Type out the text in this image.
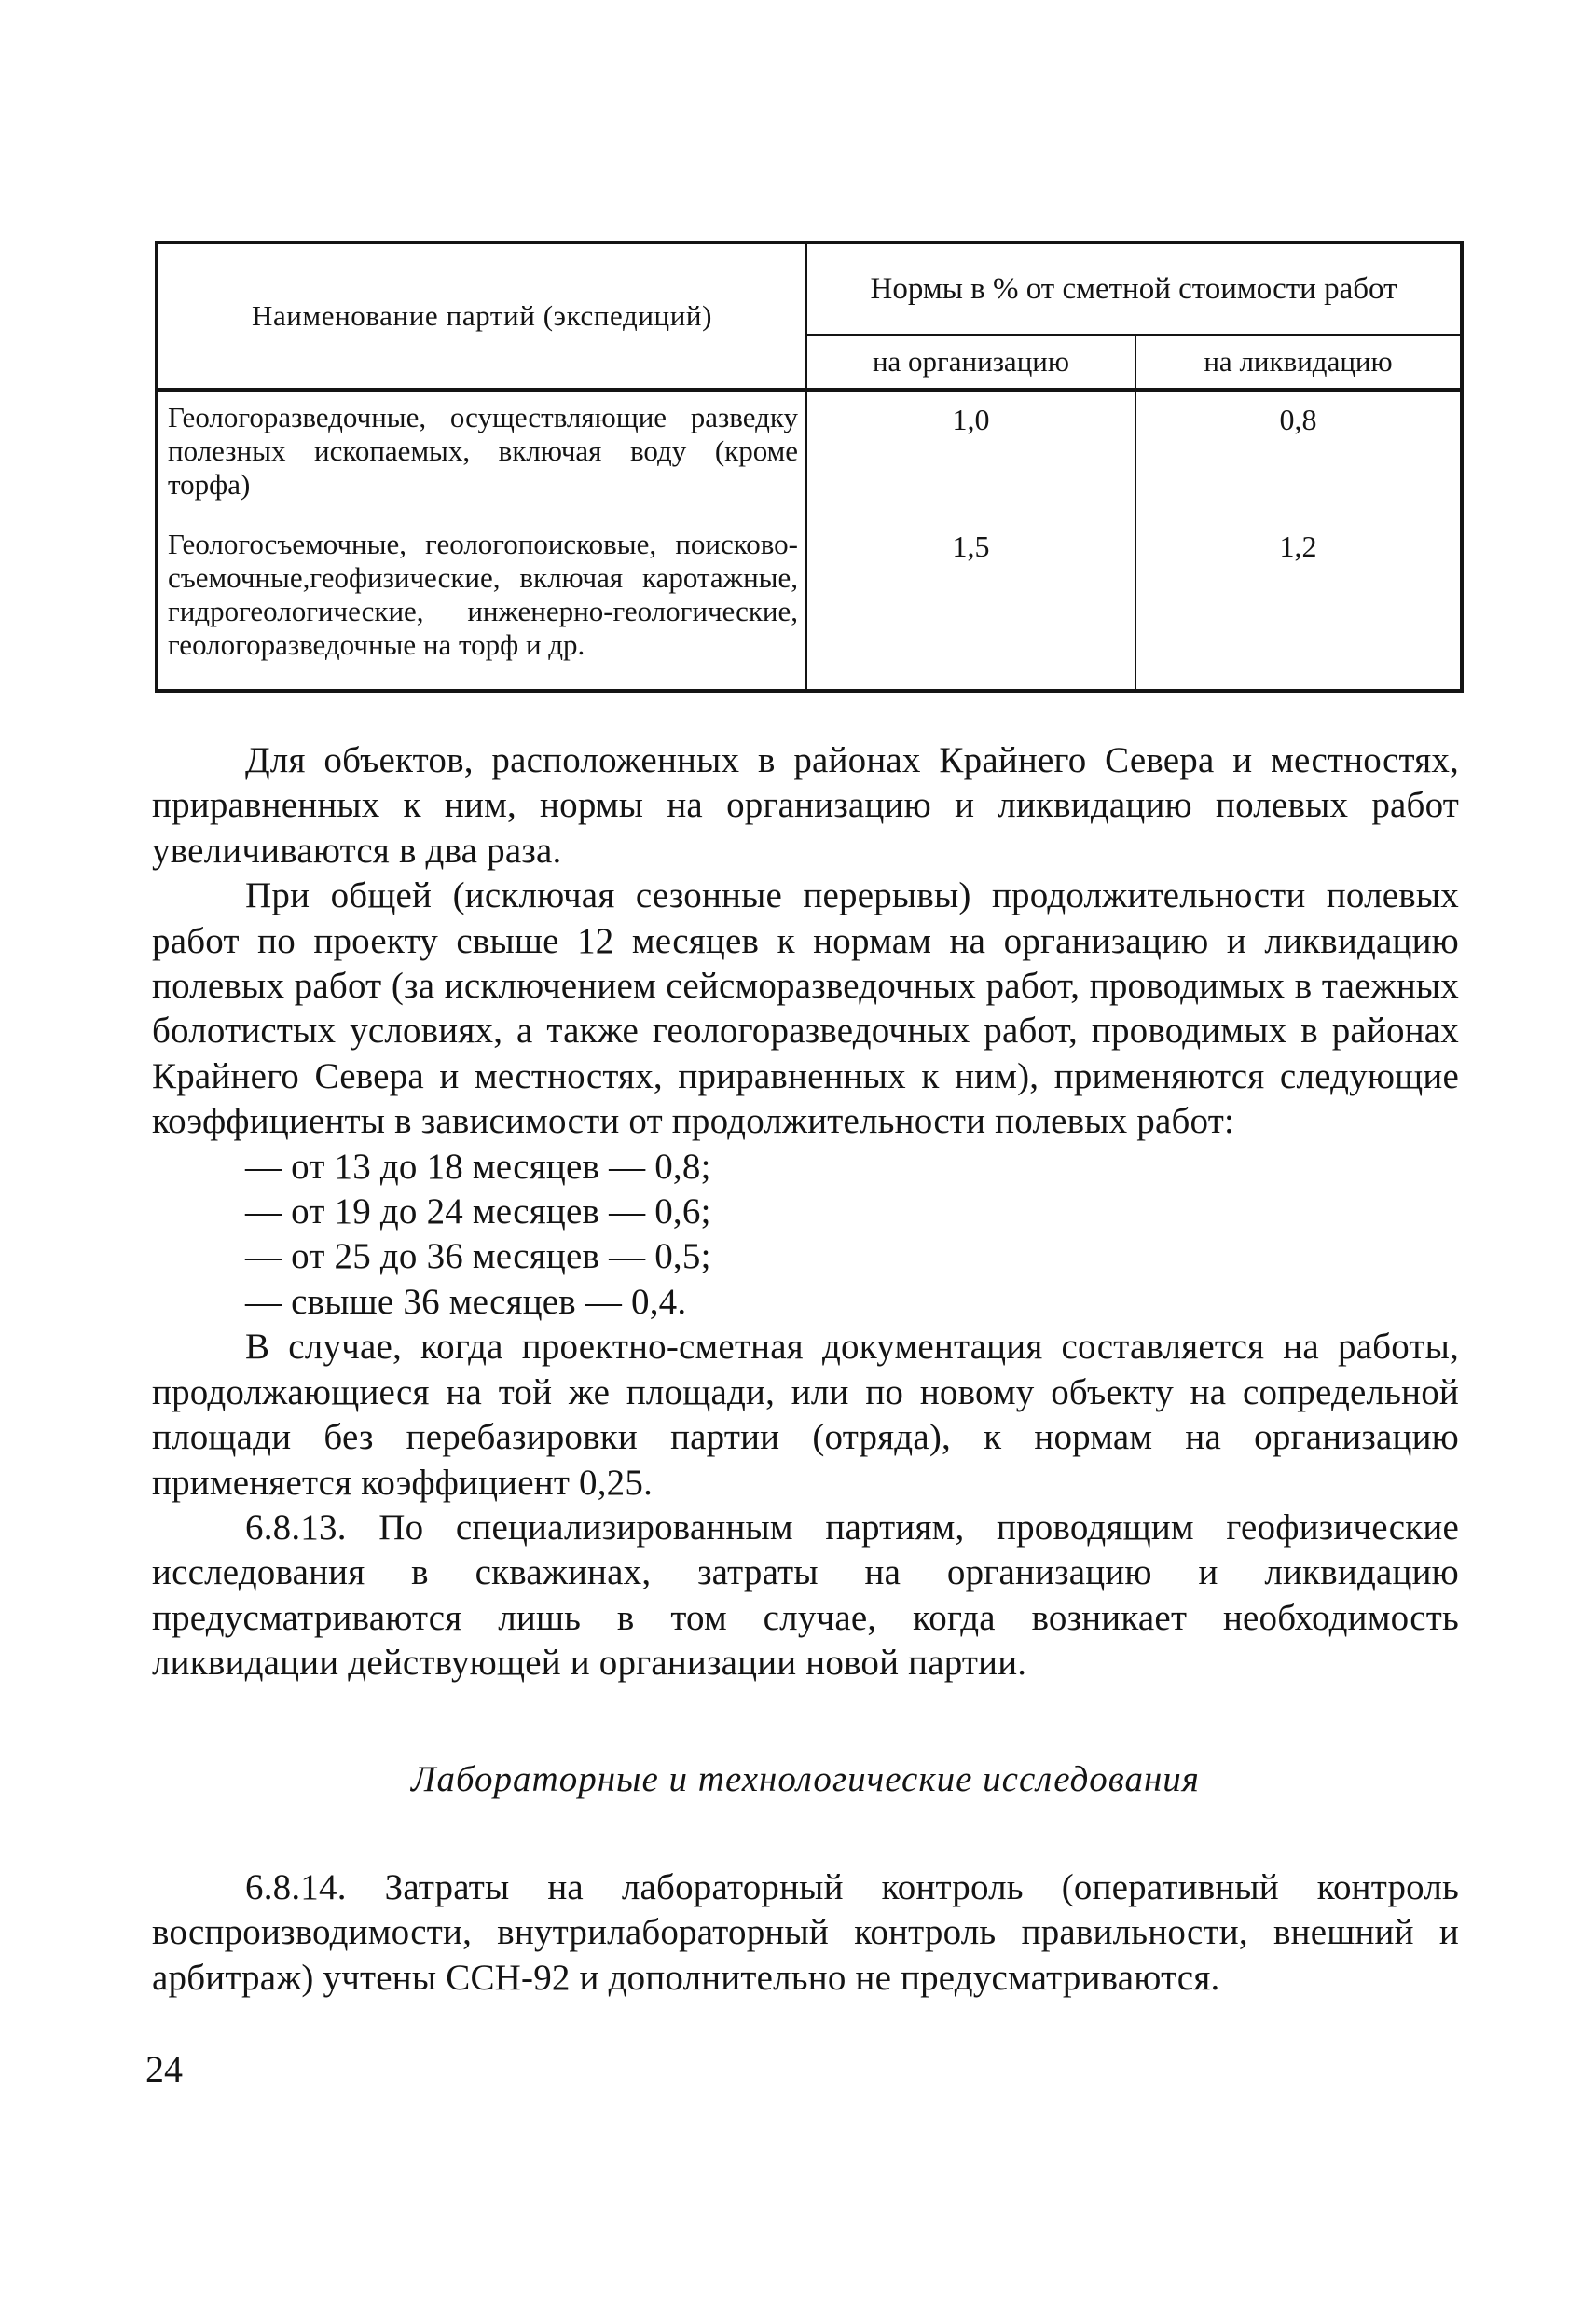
Наименование партий (экспедиций)	Нормы в % от сметной стоимости работ	
	на организацию	на ликвидацию
Геологоразведочные, осуществляющие разведку полезных ископаемых, включая воду (кроме торфа)	1,0	0,8
Геологосъемочные, геологопоисковые, поисково-съемочные,геофизические, включая каротажные, гидрогеологические, инженерно-геологические, геологоразведочные на торф и др.	1,5	1,2

Для объектов, расположенных в районах Крайнего Севера и местностях, приравненных к ним, нормы на организацию и ликвидацию полевых работ увеличиваются в два раза.

При общей (исключая сезонные перерывы) продолжительности полевых работ по проекту свыше 12 месяцев к нормам на организацию и ликвидацию полевых работ (за исключением сейсморазведочных работ, проводимых в таежных болотистых условиях, а также геологоразведочных работ, проводимых в районах Крайнего Севера и местностях, приравненных к ним), применяются следующие коэффициенты в зависимости от продолжительности полевых работ:

— от 13 до 18 месяцев — 0,8;
— от 19 до 24 месяцев — 0,6;
— от 25 до 36 месяцев — 0,5;
— свыше 36 месяцев — 0,4.

В случае, когда проектно-сметная документация составляется на работы, продолжающиеся на той же площади, или по новому объекту на сопредельной площади без перебазировки партии (отряда), к нормам на организацию применяется коэффициент 0,25.

6.8.13. По специализированным партиям, проводящим геофизические исследования в скважинах, затраты на организацию и ликвидацию предусматриваются лишь в том случае, когда возникает необходимость ликвидации действующей и организации новой партии.

Лабораторные и технологические исследования

6.8.14. Затраты на лабораторный контроль (оперативный контроль воспроизводимости, внутрилабораторный контроль правильности, внешний и арбитраж) учтены ССН-92 и дополнительно не предусматриваются.

24
